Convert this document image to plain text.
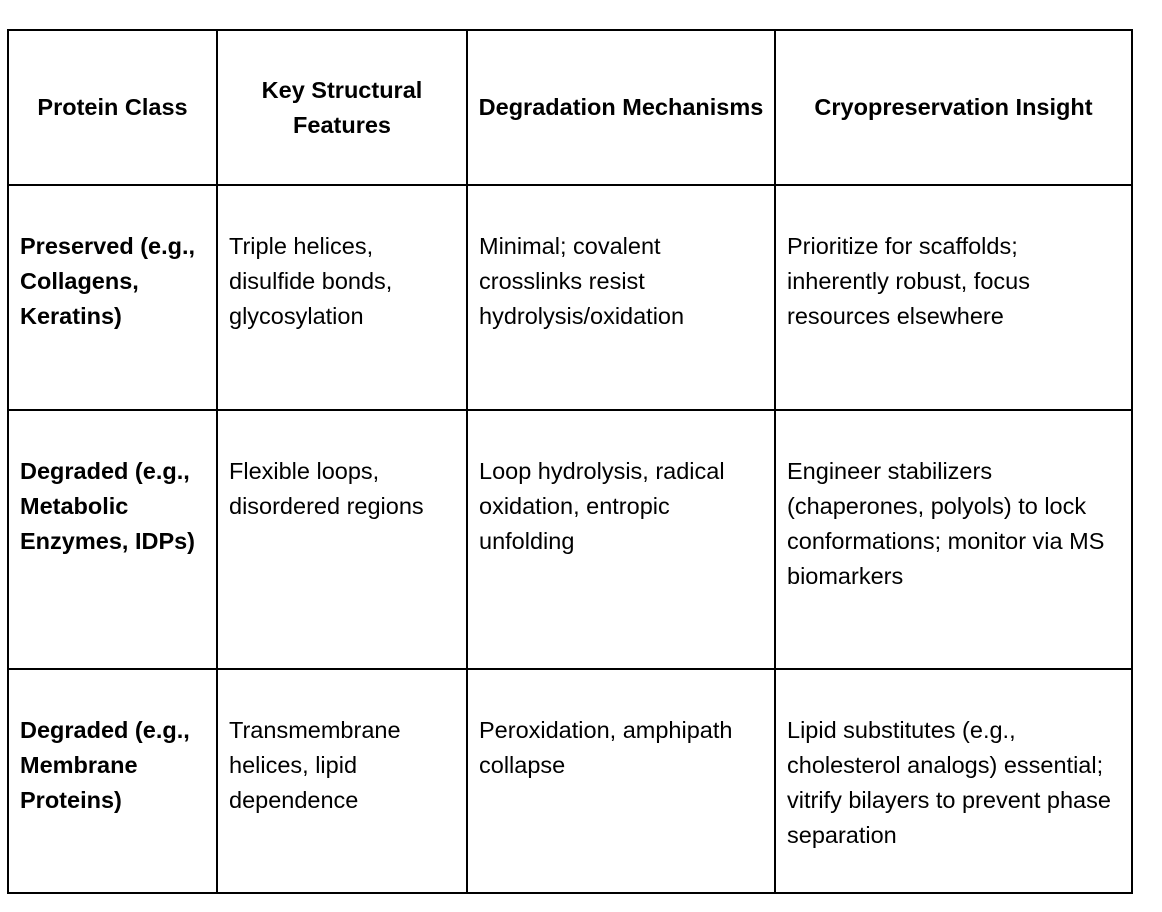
Protein Class	Key Structural Features	Degradation Mechanisms	Cryopreservation Insight
Preserved (e.g., Collagens, Keratins)	Triple helices, disulfide bonds, glycosylation	Minimal; covalent crosslinks resist hydrolysis/oxidation	Prioritize for scaffolds; inherently robust, focus resources elsewhere
Degraded (e.g., Metabolic Enzymes, IDPs)	Flexible loops, disordered regions	Loop hydrolysis, radical oxidation, entropic unfolding	Engineer stabilizers (chaperones, polyols) to lock conformations; monitor via MS biomarkers
Degraded (e.g., Membrane Proteins)	Transmembrane helices, lipid dependence	Peroxidation, amphipath collapse	Lipid substitutes (e.g., cholesterol analogs) essential; vitrify bilayers to prevent phase separation
